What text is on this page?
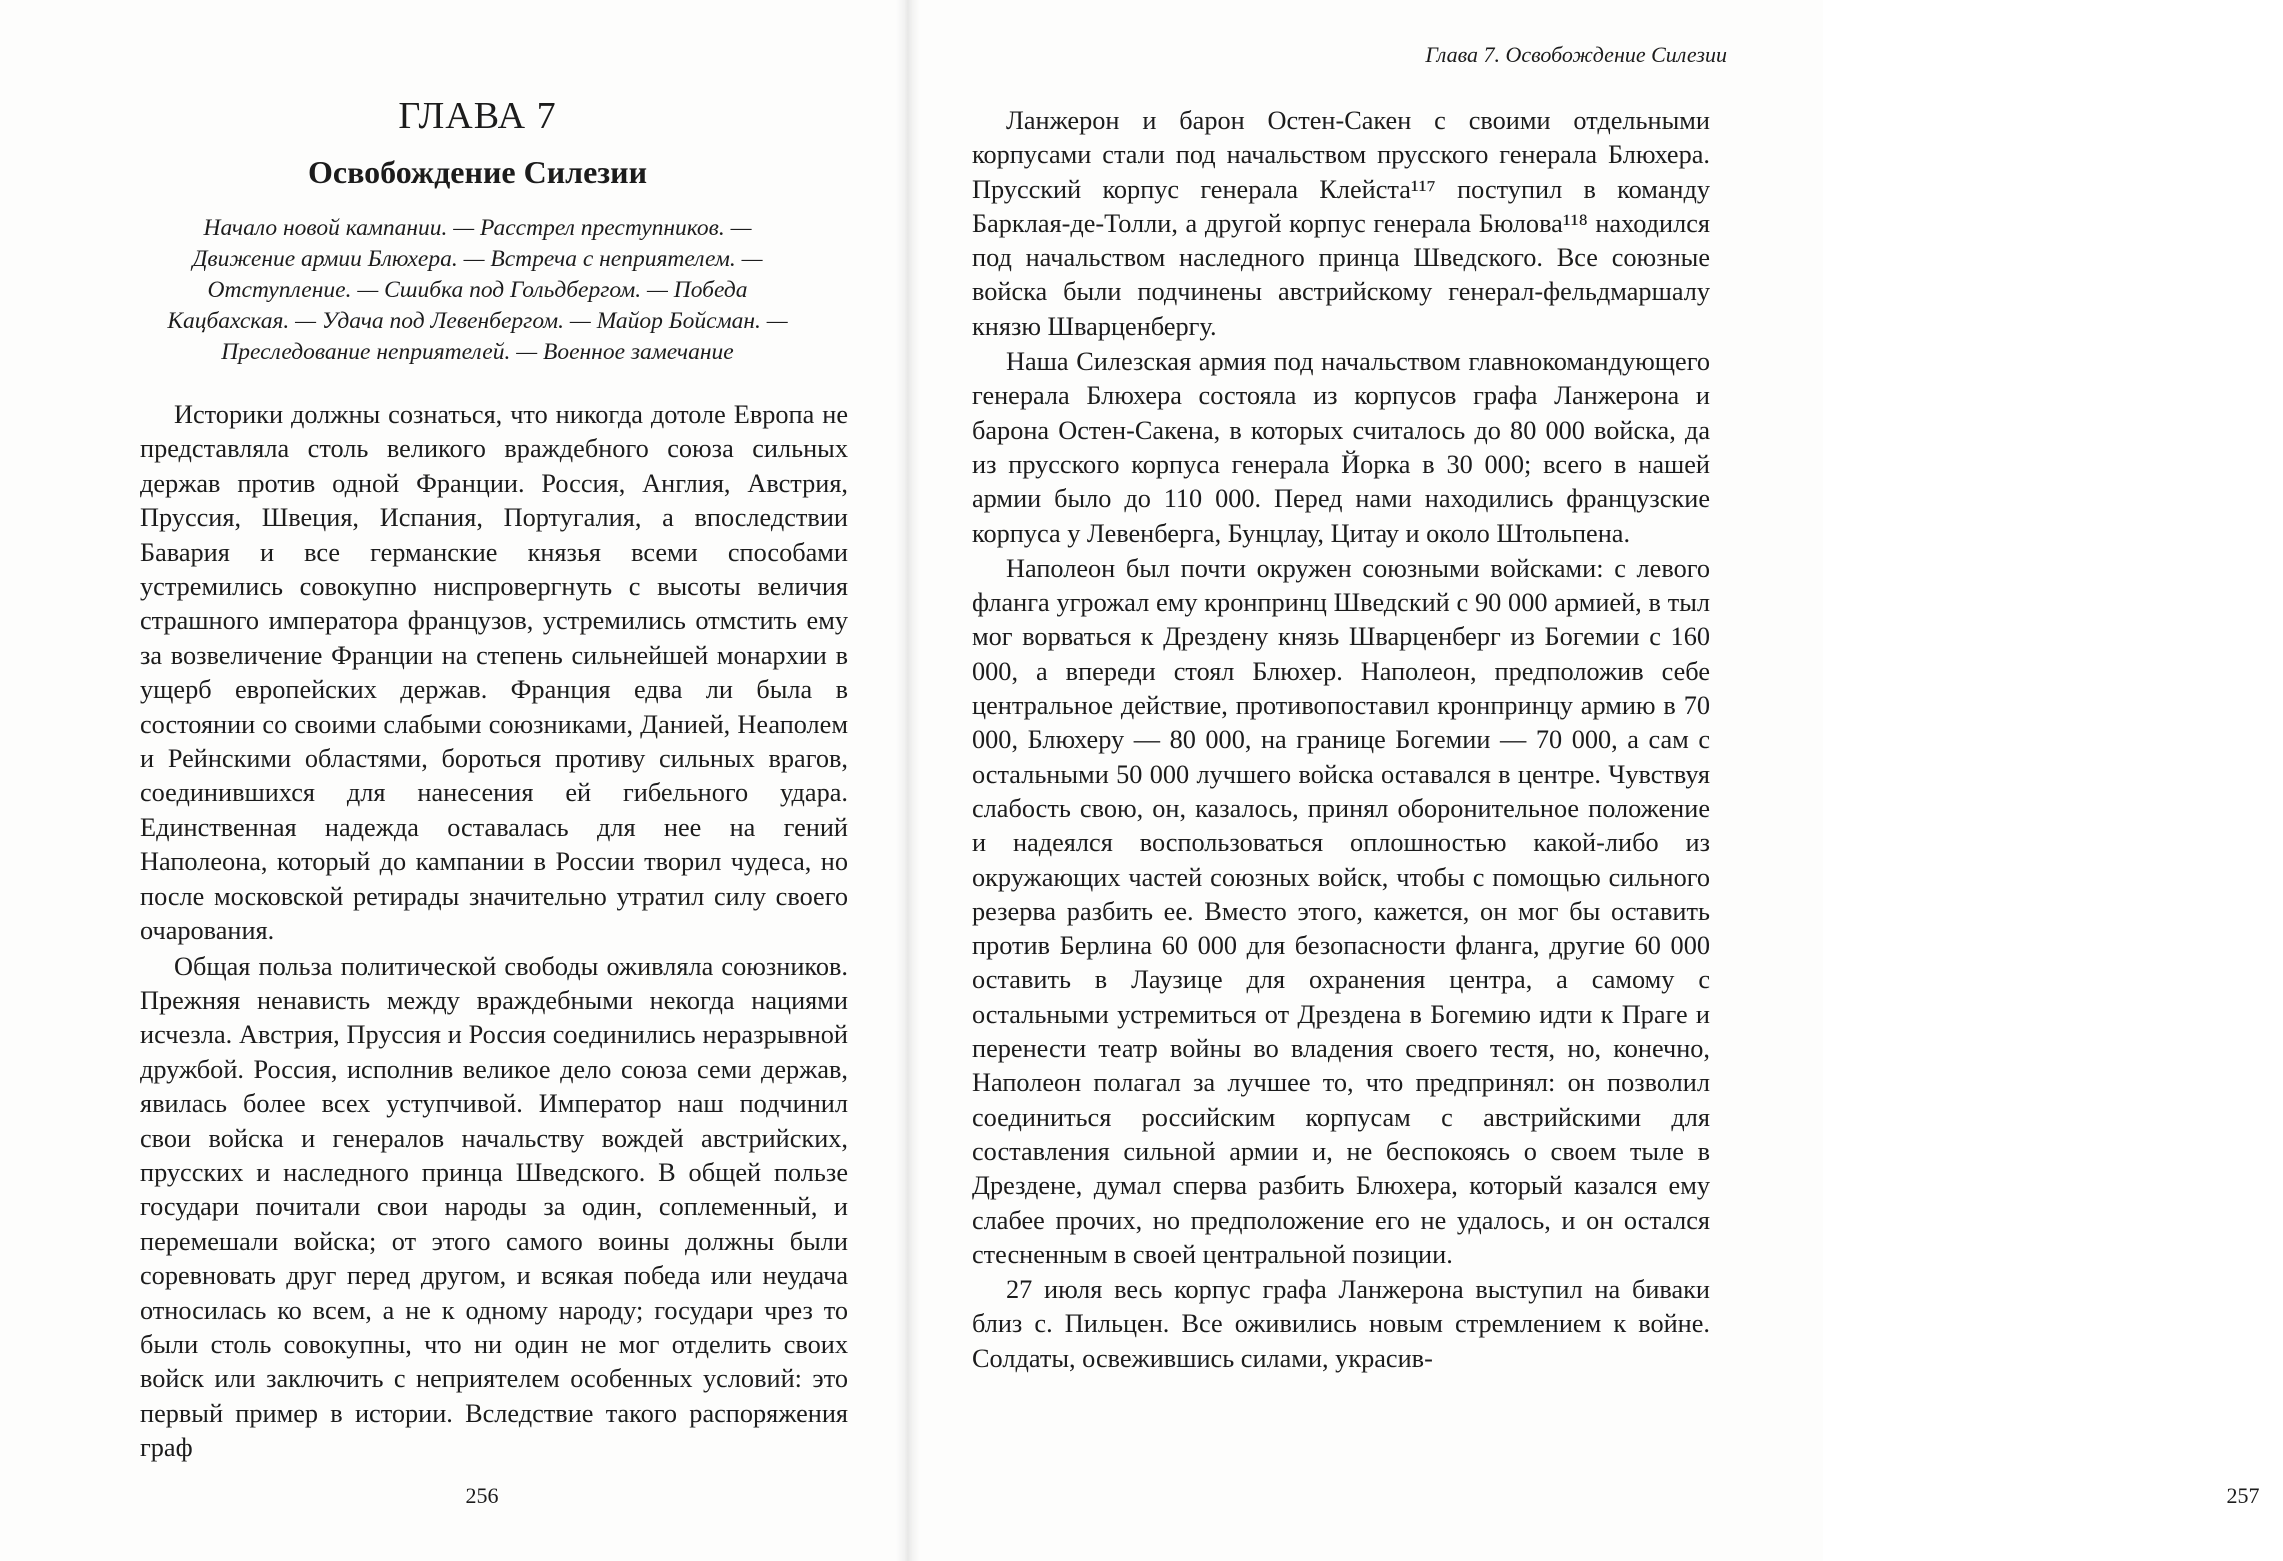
ГЛАВА 7
Освобождение Силезии
Начало новой кампании. — Расстрел преступников. —
Движение армии Блюхера. — Встреча с неприятелем. —
Отступление. — Сшибка под Гольдбергом. — Победа
Кацбахская. — Удача под Левенбергом. — Майор Бойсман. —
Преследование неприятелей. — Военное замечание

Историки должны сознаться, что никогда дотоле Европа не представляла столь великого враждебного союза сильных держав против одной Франции. Россия, Англия, Австрия, Пруссия, Швеция, Испания, Португалия, а впоследствии Бавария и все германские князья всеми способами устремились совокупно ниспровергнуть с высоты величия страшного императора французов, устремились отмстить ему за возвеличение Франции на степень сильнейшей монархии в ущерб европейских держав. Франция едва ли была в состоянии со своими слабыми союзниками, Данией, Неаполем и Рейнскими областями, бороться противу сильных врагов, соединившихся для нанесения ей гибельного удара. Единственная надежда оставалась для нее на гений Наполеона, который до кампании в России творил чудеса, но после московской ретирады значительно утратил силу своего очарования.

Общая польза политической свободы оживляла союзников. Прежняя ненависть между враждебными некогда нациями исчезла. Австрия, Пруссия и Россия соединились неразрывной дружбой. Россия, исполнив великое дело союза семи держав, явилась более всех уступчивой. Император наш подчинил свои войска и генералов начальству вождей австрийских, прусских и наследного принца Шведского. В общей пользе государи почитали свои народы за один, соплеменный, и перемешали войска; от этого самого воины должны были соревновать друг перед другом, и всякая победа или неудача относилась ко всем, а не к одному народу; государи чрез то были столь совокупны, что ни один не мог отделить своих войск или заключить с неприятелем особенных условий: это первый пример в истории. Вследствие такого распоряжения граф

256
Глава 7. Освобождение Силезии
257

Ланжерон и барон Остен-Сакен с своими отдельными корпусами стали под начальством прусского генерала Блюхера. Прусский корпус генерала Клейста¹¹⁷ поступил в команду Барклая-де-Толли, а другой корпус генерала Бюлова¹¹⁸ находился под начальством наследного принца Шведского. Все союзные войска были подчинены австрийскому генерал-фельдмаршалу князю Шварценбергу.

Наша Силезская армия под начальством главнокомандующего генерала Блюхера состояла из корпусов графа Ланжерона и барона Остен-Сакена, в которых считалось до 80 000 войска, да из прусского корпуса генерала Йорка в 30 000; всего в нашей армии было до 110 000. Перед нами находились французские корпуса у Левенберга, Бунцлау, Цитау и около Штольпена.

Наполеон был почти окружен союзными войсками: с левого фланга угрожал ему кронпринц Шведский с 90 000 армией, в тыл мог ворваться к Дрездену князь Шварценберг из Богемии с 160 000, а впереди стоял Блюхер. Наполеон, предположив себе центральное действие, противопоставил кронпринцу армию в 70 000, Блюхеру — 80 000, на границе Богемии — 70 000, а сам с остальными 50 000 лучшего войска оставался в центре. Чувствуя слабость свою, он, казалось, принял оборонительное положение и надеялся воспользоваться оплошностью какой-либо из окружающих частей союзных войск, чтобы с помощью сильного резерва разбить ее. Вместо этого, кажется, он мог бы оставить против Берлина 60 000 для безопасности фланга, другие 60 000 оставить в Лаузице для охранения центра, а самому с остальными устремиться от Дрездена в Богемию идти к Праге и перенести театр войны во владения своего тестя, но, конечно, Наполеон полагал за лучшее то, что предпринял: он позволил соединиться российским корпусам с австрийскими для составления сильной армии и, не беспокоясь о своем тыле в Дрездене, думал сперва разбить Блюхера, который казался ему слабее прочих, но предположение его не удалось, и он остался стесненным в своей центральной позиции.

27 июля весь корпус графа Ланжерона выступил на биваки близ с. Пильцен. Все оживились новым стремлением к войне. Солдаты, освежившись силами, украсив-
